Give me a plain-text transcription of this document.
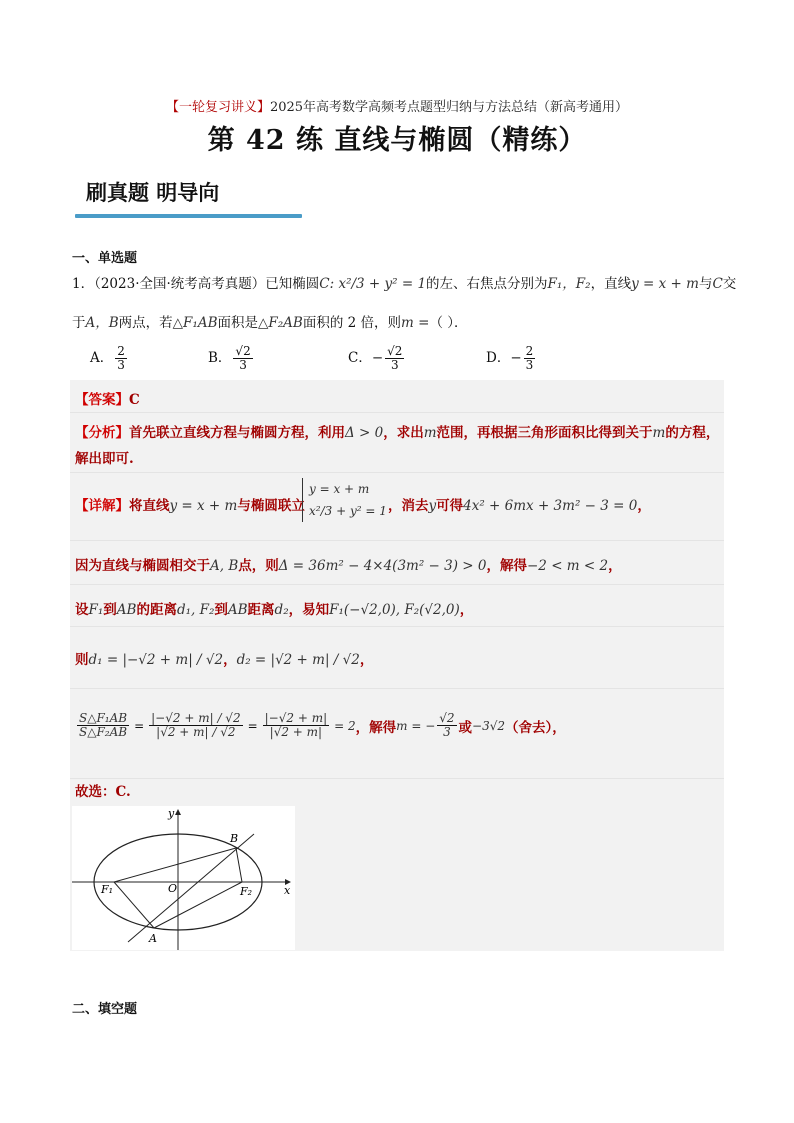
【一轮复习讲义】2025年高考数学高频考点题型归纳与方法总结（新高考通用）
第 42 练 直线与椭圆（精练）
刷真题 明导向
一、单选题
1．（2023·全国·统考高考真题）已知椭圆C: x²/3 + y² = 1的左、右焦点分别为F₁，F₂，直线y = x + m与C交
于A，B两点，若△F₁AB面积是△F₂AB面积的 2 倍，则m =（ ）．
A． $\frac{2}{3}$	B． $\frac{√2}{3}$	C．− $\frac{√2}{3}$	D．− $\frac{2}{3}$
【答案】C
【分析】首先联立直线方程与椭圆方程，利用Δ > 0，求出m范围，再根据三角形面积比得到关于m的方程，
解出即可.
【详解】将直线y = x + m与椭圆联立
y = x + m
x²/3 + y² = 1 ，消去y可得4x² + 6mx + 3m² − 3 = 0，
因为直线与椭圆相交于A, B点，则Δ = 36m² − 4×4(3m² − 3) > 0，解得−2 < m < 2，
设F₁到AB的距离d₁, F₂到AB距离d₂，易知F₁(−√2,0), F₂(√2,0)，
则d₁ = |−√2 + m| / √2，d₂ = |√2 + m| / √2，
$\frac{\text{S△F₁AB}}{\text{S△F₂AB}} = \frac{|-√2 + m| / √2}{|√2 + m| / √2} = \frac{|-√2 + m|}{|√2 + m|} = 2$ ，解得 m = − $\frac{√2}{3}$ 或 −3√2 （舍去），
故选：C.
x
y
O
F₁	F₂
A
B
二、填空题
